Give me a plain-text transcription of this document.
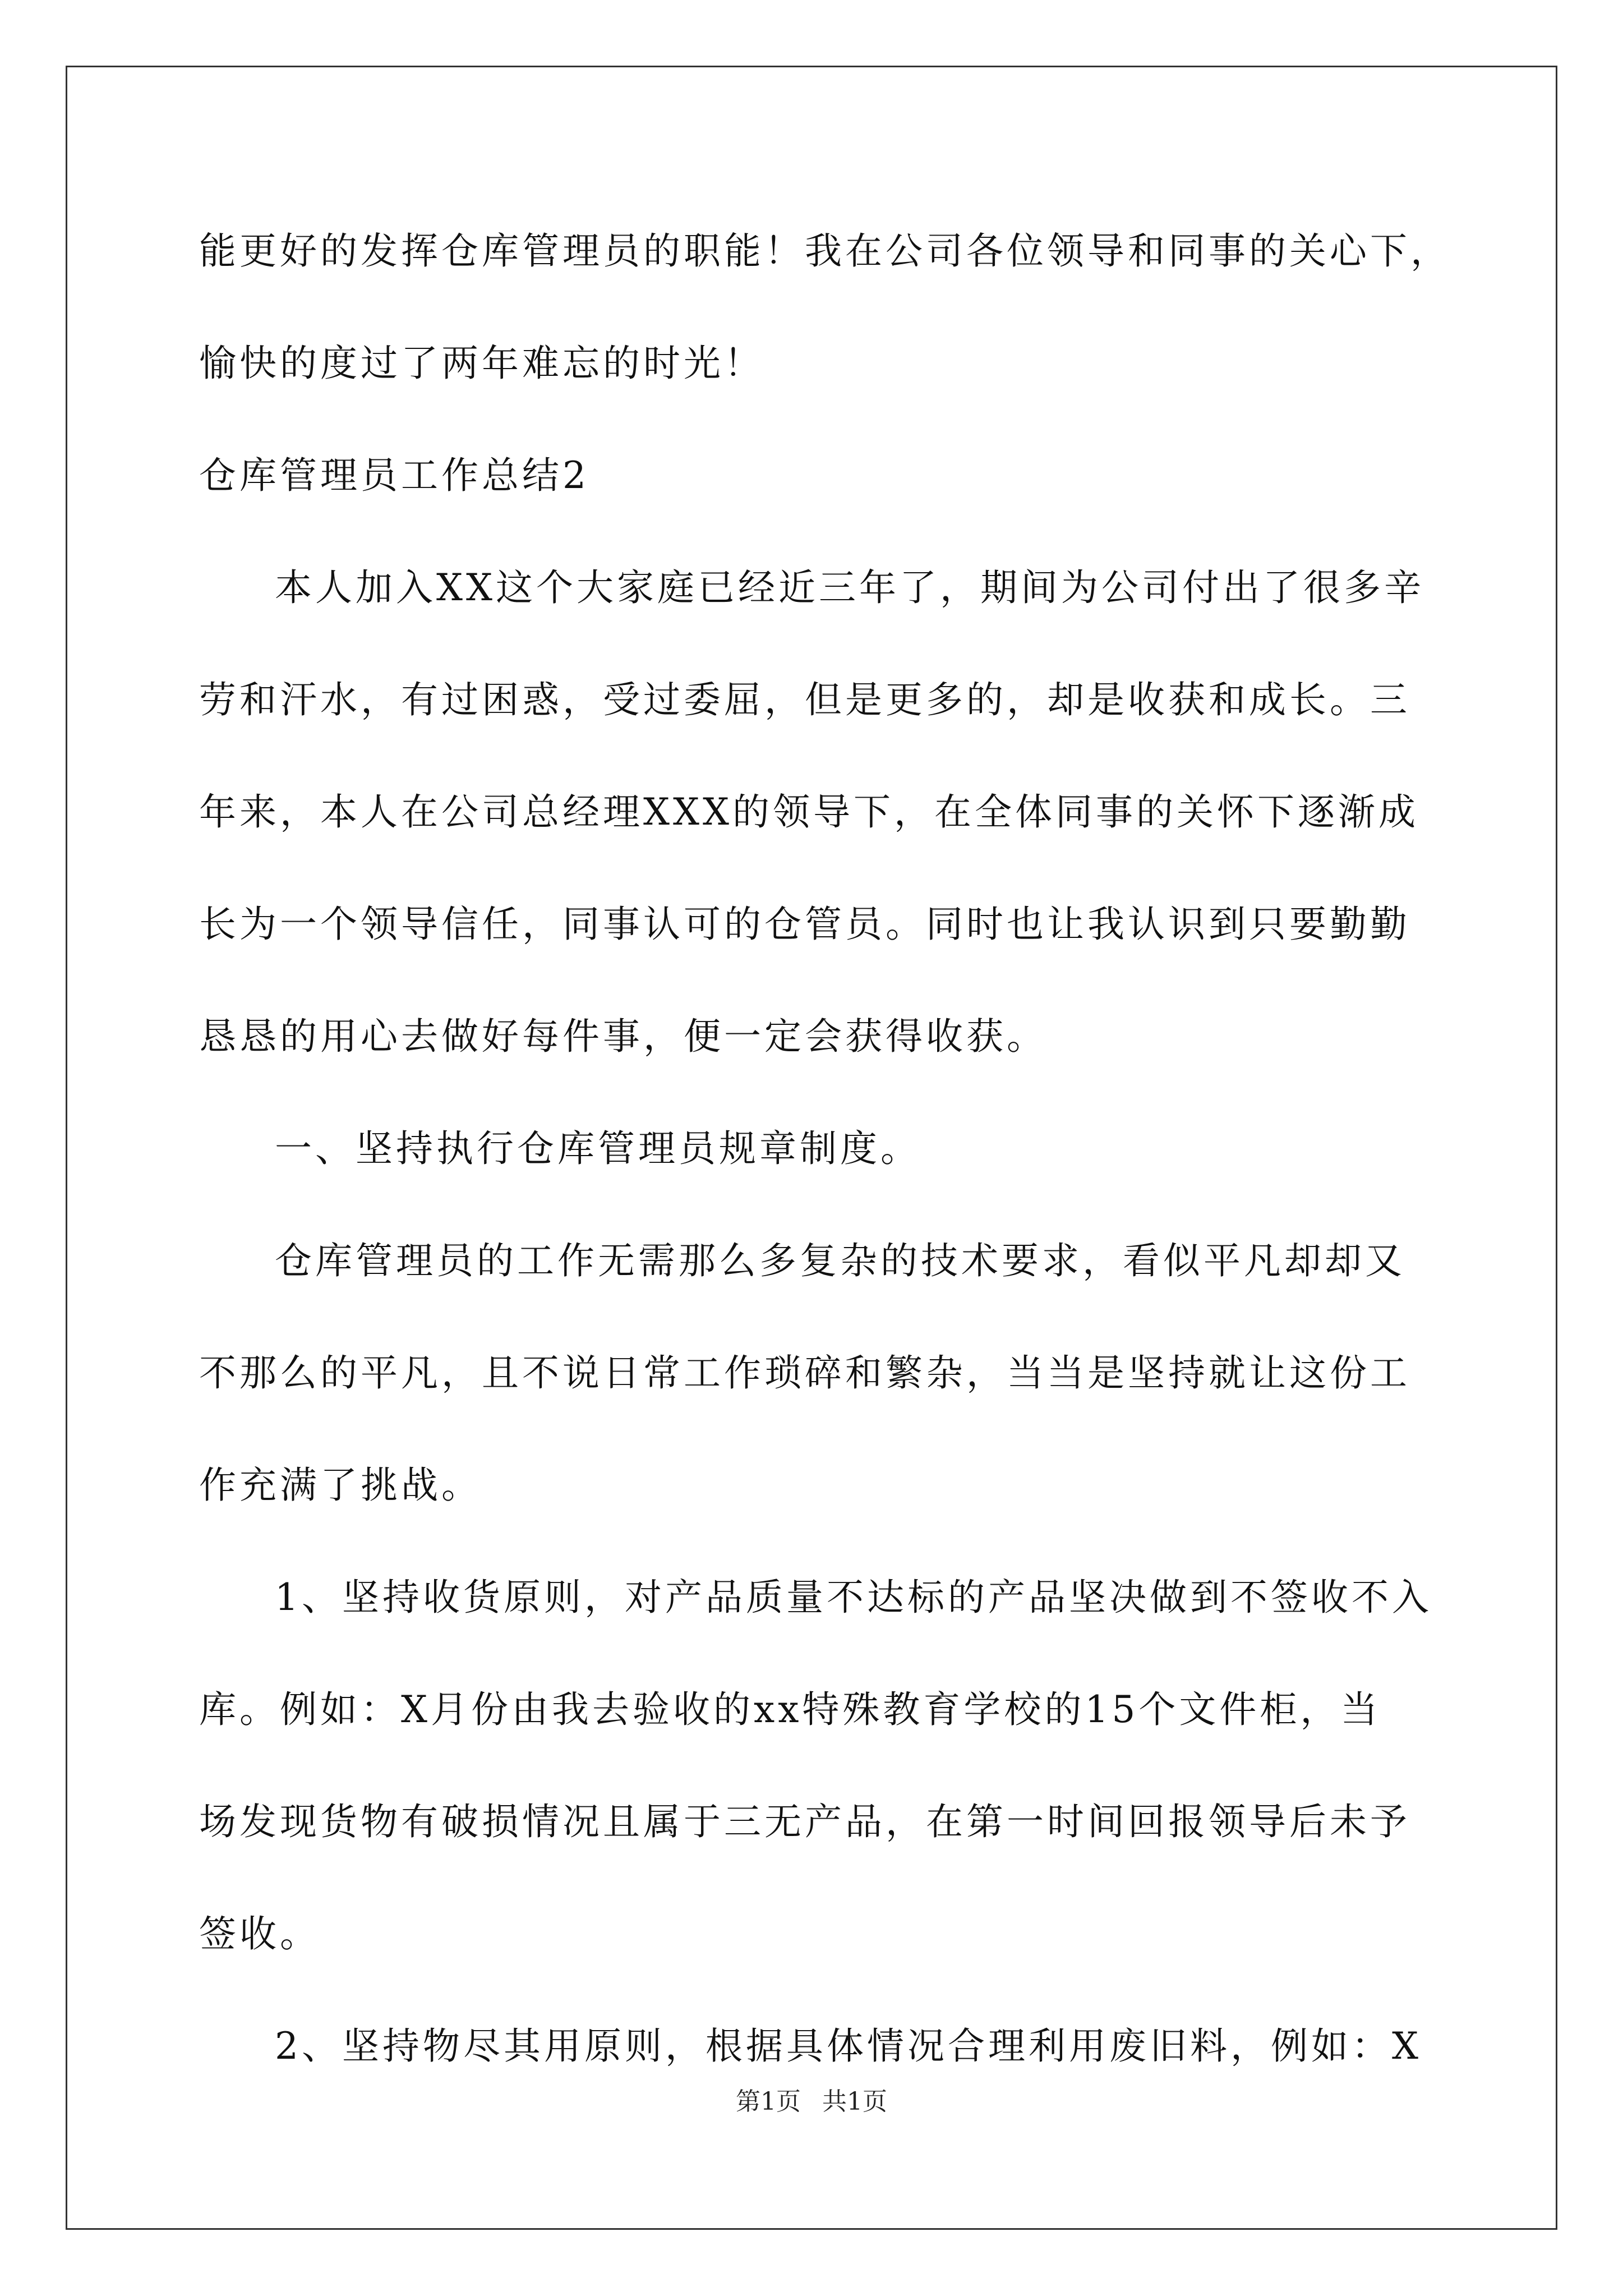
能更好的发挥仓库管理员的职能！我在公司各位领导和同事的关心下，
愉快的度过了两年难忘的时光！
仓库管理员工作总结2
本人加入XX这个大家庭已经近三年了，期间为公司付出了很多辛
劳和汗水，有过困惑，受过委屈，但是更多的，却是收获和成长。三
年来，本人在公司总经理XXX的领导下，在全体同事的关怀下逐渐成
长为一个领导信任，同事认可的仓管员。同时也让我认识到只要勤勤
恳恳的用心去做好每件事，便一定会获得收获。
一、坚持执行仓库管理员规章制度。
仓库管理员的工作无需那么多复杂的技术要求，看似平凡却却又
不那么的平凡，且不说日常工作琐碎和繁杂，当当是坚持就让这份工
作充满了挑战。
1、坚持收货原则，对产品质量不达标的产品坚决做到不签收不入
库。例如：X月份由我去验收的xx特殊教育学校的15个文件柜，当
场发现货物有破损情况且属于三无产品，在第一时间回报领导后未予
签收。
2、坚持物尽其用原则，根据具体情况合理利用废旧料，例如：X
第1页 共1页
